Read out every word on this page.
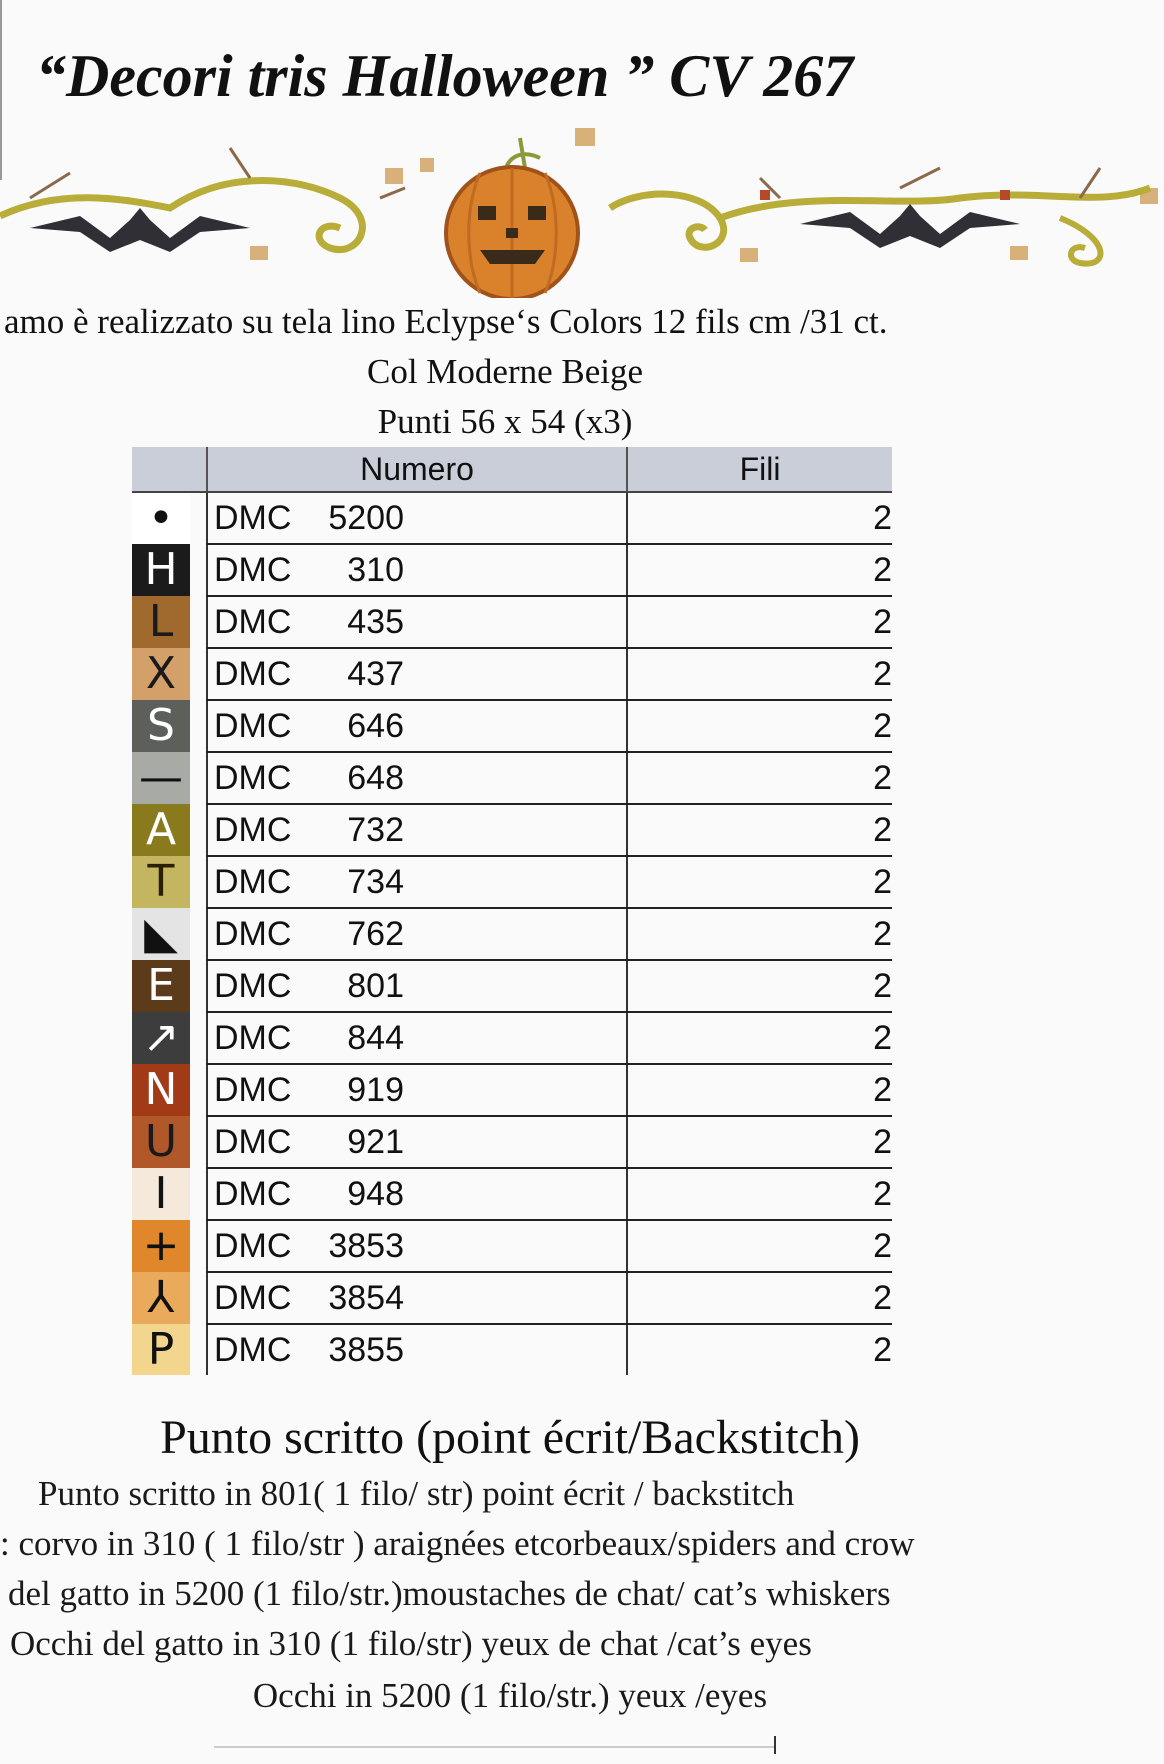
“Decori tris Halloween ” CV 267
amo è realizzato su tela lino Eclypse‘s Colors 12 fils cm /31 ct.
Col Moderne Beige
Punti 56 x 54 (x3)
		Numero	Fili
•		DMC 5200	2
H		DMC 310	2
L		DMC 435	2
X		DMC 437	2
S		DMC 646	2
—		DMC 648	2
A		DMC 732	2
T		DMC 734	2
◣		DMC 762	2
E		DMC 801	2
↗		DMC 844	2
N		DMC 919	2
U		DMC 921	2
I		DMC 948	2
+		DMC 3853	2
⅄		DMC 3854	2
P		DMC 3855	2
Punto scritto (point écrit/Backstitch)
Punto scritto in 801( 1 filo/ str) point écrit / backstitch
: corvo in 310 ( 1 filo/str ) araignées etcorbeaux/spiders and crow
del gatto in 5200 (1 filo/str.)moustaches de chat/ cat’s whiskers
Occhi del gatto in 310 (1 filo/str) yeux de chat /cat’s eyes
Occhi in 5200 (1 filo/str.) yeux /eyes
